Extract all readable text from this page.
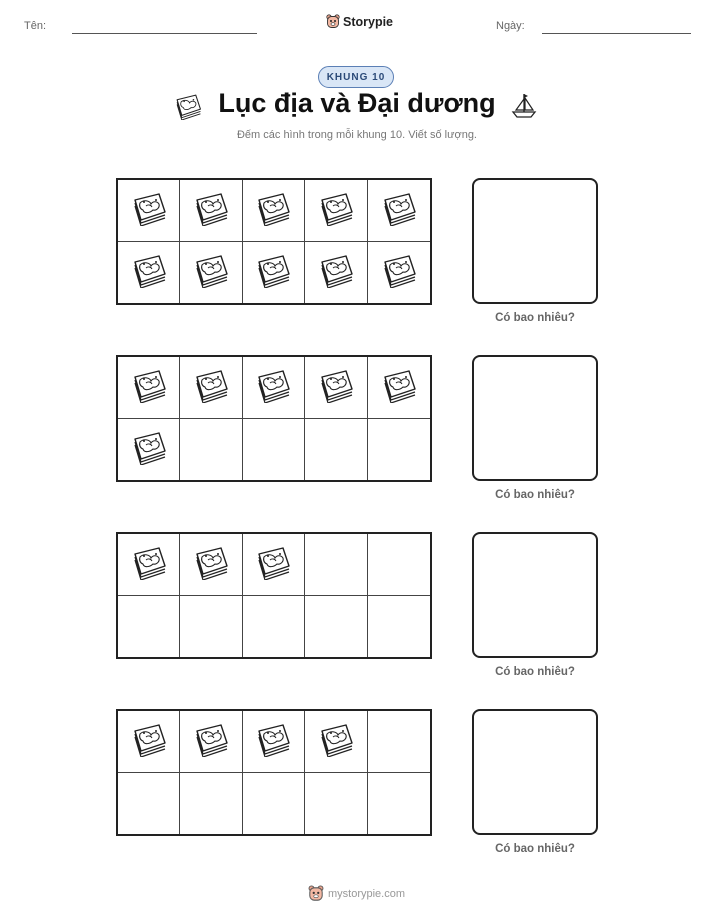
Tên:	Storypie	Ngày:
KHUNG 10
Lục địa và Đại dương
Đếm các hình trong mỗi khung 10. Viết số lượng.
Có bao nhiêu?
Có bao nhiêu?
Có bao nhiêu?
Có bao nhiêu?
mystorypie.com
